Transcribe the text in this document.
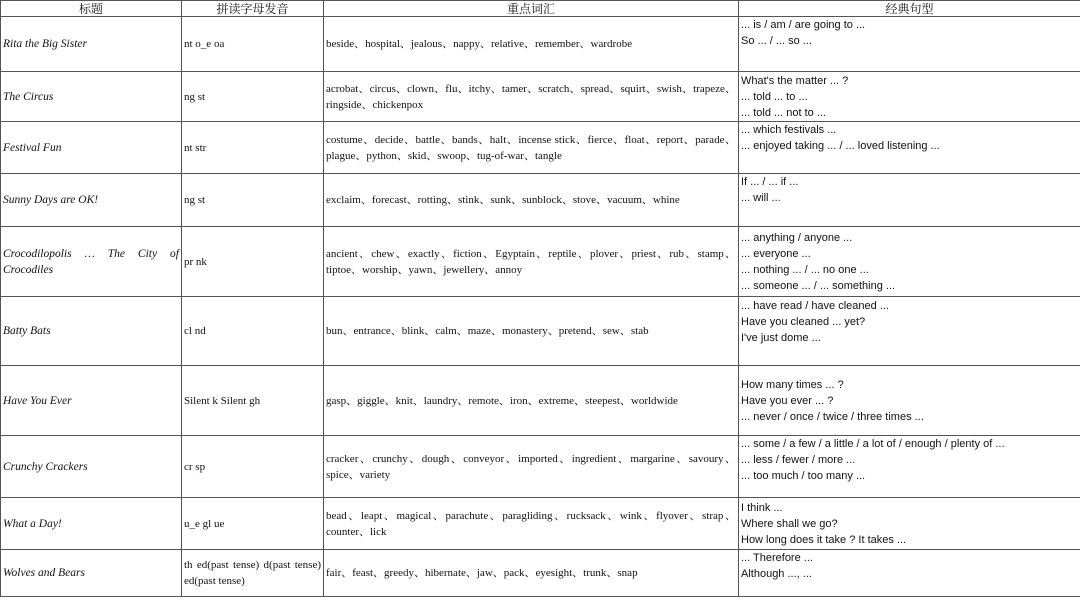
标题	拼读字母发音	重点词汇	经典句型
Rita the Big Sister	nt o_e oa	beside、hospital、jealous、nappy、relative、remember、wardrobe	... is / am / are going to ...
So ... / ... so ...

The Circus	ng st	acrobat、circus、clown、flu、itchy、tamer、scratch、spread、squirt、swish、trapeze、ringside、chickenpox	What's the matter ... ?
... told ... to ...
... told ... not to ...

Festival Fun	nt str	costume、decide、battle、bands、halt、incense stick、fierce、float、report、parade、plague、python、skid、swoop、tug-of-war、tangle	... which festivals ...
... enjoyed taking ... / ... loved listening ...

Sunny Days are OK!	ng st	exclaim、forecast、rotting、stink、sunk、sunblock、stove、vacuum、whine	If ... / ... if ...
... will ...

Crocodilopolis … The City of Crocodiles	pr nk	ancient、chew、exactly、fiction、Egyptain、reptile、plover、priest、rub、stamp、tiptoe、worship、yawn、jewellery、annoy	... anything / anyone ...
... everyone ...
... nothing ... / ... no one ...
... someone ... / ... something ...

Batty Bats	cl nd	bun、entrance、blink、calm、maze、monastery、pretend、sew、stab	... have read / have cleaned ...
Have you cleaned ... yet?
I've just dome ...

Have You Ever	Silent k Silent gh	gasp、giggle、knit、laundry、remote、iron、extreme、steepest、worldwide	How many times ... ?
Have you ever ... ?
... never / once / twice / three times ...

Crunchy Crackers	cr sp	cracker、crunchy、dough、conveyor、imported、ingredient、margarine、savoury、spice、variety	... some / a few / a little / a lot of / enough / plenty of ...
... less / fewer / more ...
... too much / too many ...

What a Day!	u_e gl ue	bead、leapt、magical、parachute、paragliding、rucksack、wink、flyover、strap、counter、lick	I think ...
Where shall we go?
How long does it take ? It takes ...

Wolves and Bears	th ed(past tense) d(past tense) ed(past tense)	fair、feast、greedy、hibernate、jaw、pack、eyesight、trunk、snap	... Therefore ...
Although ..., ...
